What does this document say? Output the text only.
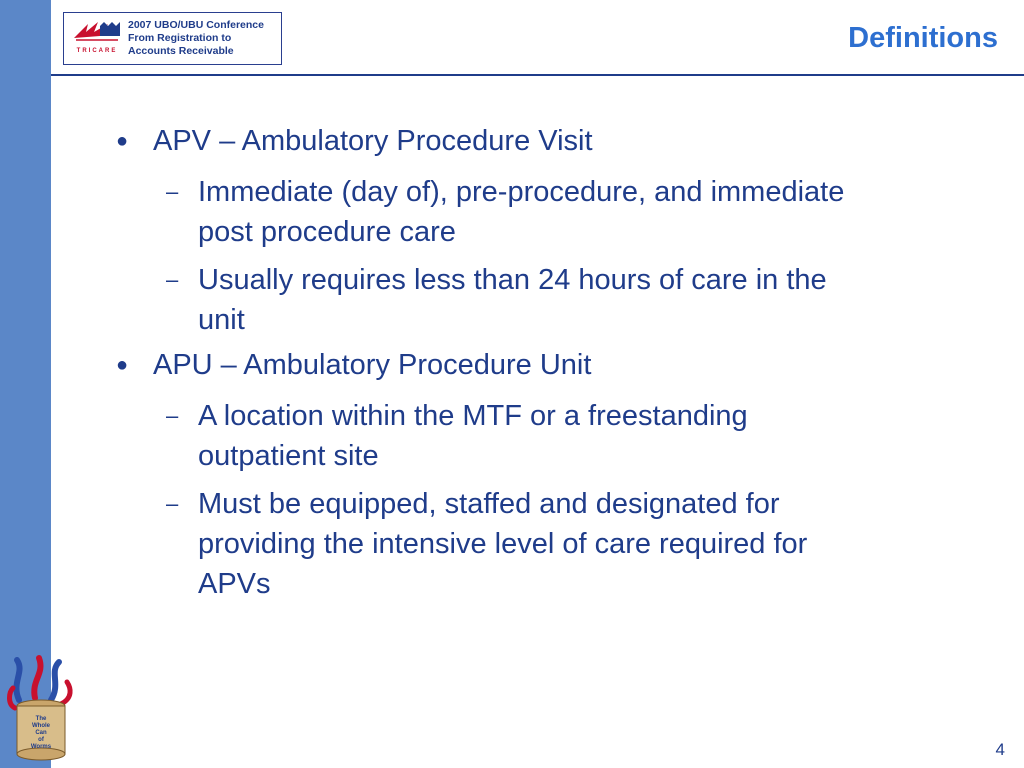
TRICARE
2007 UBO/UBU Conference
From Registration to
Accounts Receivable	Definitions
● APV – Ambulatory Procedure Visit
– Immediate (day of), pre-procedure, and immediate
post procedure care
– Usually requires less than 24 hours of care in the
unit
● APU – Ambulatory Procedure Unit
– A location within the MTF or a freestanding
outpatient site
– Must be equipped, staffed and designated for
providing the intensive level of care required for
APVs
The
Whole
Can
of
Worms	4
